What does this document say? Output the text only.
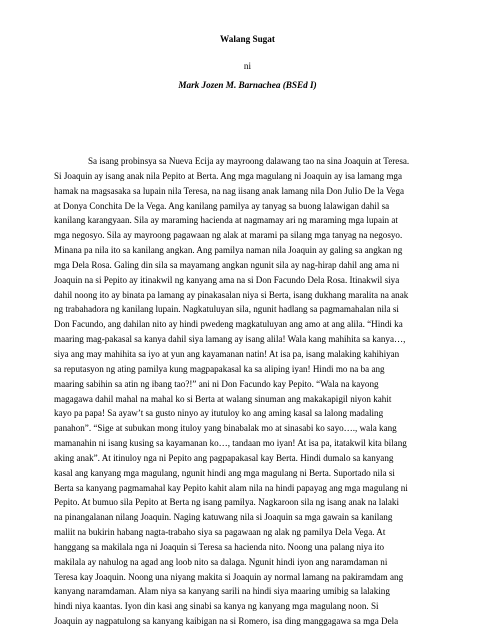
Walang Sugat
ni
Mark Jozen M. Barnachea (BSEd I)
Sa isang probinsya sa Nueva Ecija ay mayroong dalawang tao na sina Joaquin at Teresa.
Si Joaquin ay isang anak nila Pepito at Berta. Ang mga magulang ni Joaquin ay isa lamang mga
hamak na magsasaka sa lupain nila Teresa, na nag iisang anak lamang nila Don Julio De la Vega
at Donya Conchita De la Vega. Ang kanilang pamilya ay tanyag sa buong lalawigan dahil sa
kanilang karangyaan. Sila ay maraming hacienda at nagmamay ari ng maraming mga lupain at
mga negosyo. Sila ay mayroong pagawaan ng alak at marami pa silang mga tanyag na negosyo.
Minana pa nila ito sa kanilang angkan. Ang pamilya naman nila Joaquin ay galing sa angkan ng
mga Dela Rosa. Galing din sila sa mayamang angkan ngunit sila ay nag-hirap dahil ang ama ni
Joaquin na si Pepito ay itinakwil ng kanyang ama na si Don Facundo Dela Rosa. Itinakwil siya
dahil noong ito ay binata pa lamang ay pinakasalan niya si Berta, isang dukhang maralita na anak
ng trabahadora ng kanilang lupain. Nagkatuluyan sila, ngunit hadlang sa pagmamahalan nila si
Don Facundo, ang dahilan nito ay hindi pwedeng magkatuluyan ang amo at ang alila. “Hindi ka
maaring mag-pakasal sa kanya dahil siya lamang ay isang alila! Wala kang mahihita sa kanya…,
siya ang may mahihita sa iyo at yun ang kayamanan natin! At isa pa, isang malaking kahihiyan
sa reputasyon ng ating pamilya kung magpapakasal ka sa aliping iyan! Hindi mo na ba ang
maaring sabihin sa atin ng ibang tao?!” ani ni Don Facundo kay Pepito. “Wala na kayong
magagawa dahil mahal na mahal ko si Berta at walang sinuman ang makakapigil niyon kahit
kayo pa papa! Sa ayaw’t sa gusto ninyo ay itutuloy ko ang aming kasal sa lalong madaling
panahon”. “Sige at subukan mong ituloy yang binabalak mo at sinasabi ko sayo…., wala kang
mamanahin ni isang kusing sa kayamanan ko…, tandaan mo iyan! At isa pa, itatakwil kita bilang
aking anak”. At itinuloy nga ni Pepito ang pagpapakasal kay Berta. Hindi dumalo sa kanyang
kasal ang kanyang mga magulang, ngunit hindi ang mga magulang ni Berta. Suportado nila si
Berta sa kanyang pagmamahal kay Pepito kahit alam nila na hindi papayag ang mga magulang ni
Pepito. At bumuo sila Pepito at Berta ng isang pamilya. Nagkaroon sila ng isang anak na lalaki
na pinangalanan nilang Joaquin. Naging katuwang nila si Joaquin sa mga gawain sa kanilang
maliit na bukirin habang nagta-trabaho siya sa pagawaan ng alak ng pamilya Dela Vega. At
hanggang sa makilala nga ni Joaquin si Teresa sa hacienda nito. Noong una palang niya ito
makilala ay nahulog na agad ang loob nito sa dalaga. Ngunit hindi iyon ang naramdaman ni
Teresa kay Joaquin. Noong una niyang makita si Joaquin ay normal lamang na pakiramdam ang
kanyang naramdaman. Alam niya sa kanyang sarili na hindi siya maaring umibig sa lalaking
hindi niya kaantas. Iyon din kasi ang sinabi sa kanya ng kanyang mga magulang noon. Si
Joaquin ay nagpatulong sa kanyang kaibigan na si Romero, isa ding manggagawa sa mga Dela
